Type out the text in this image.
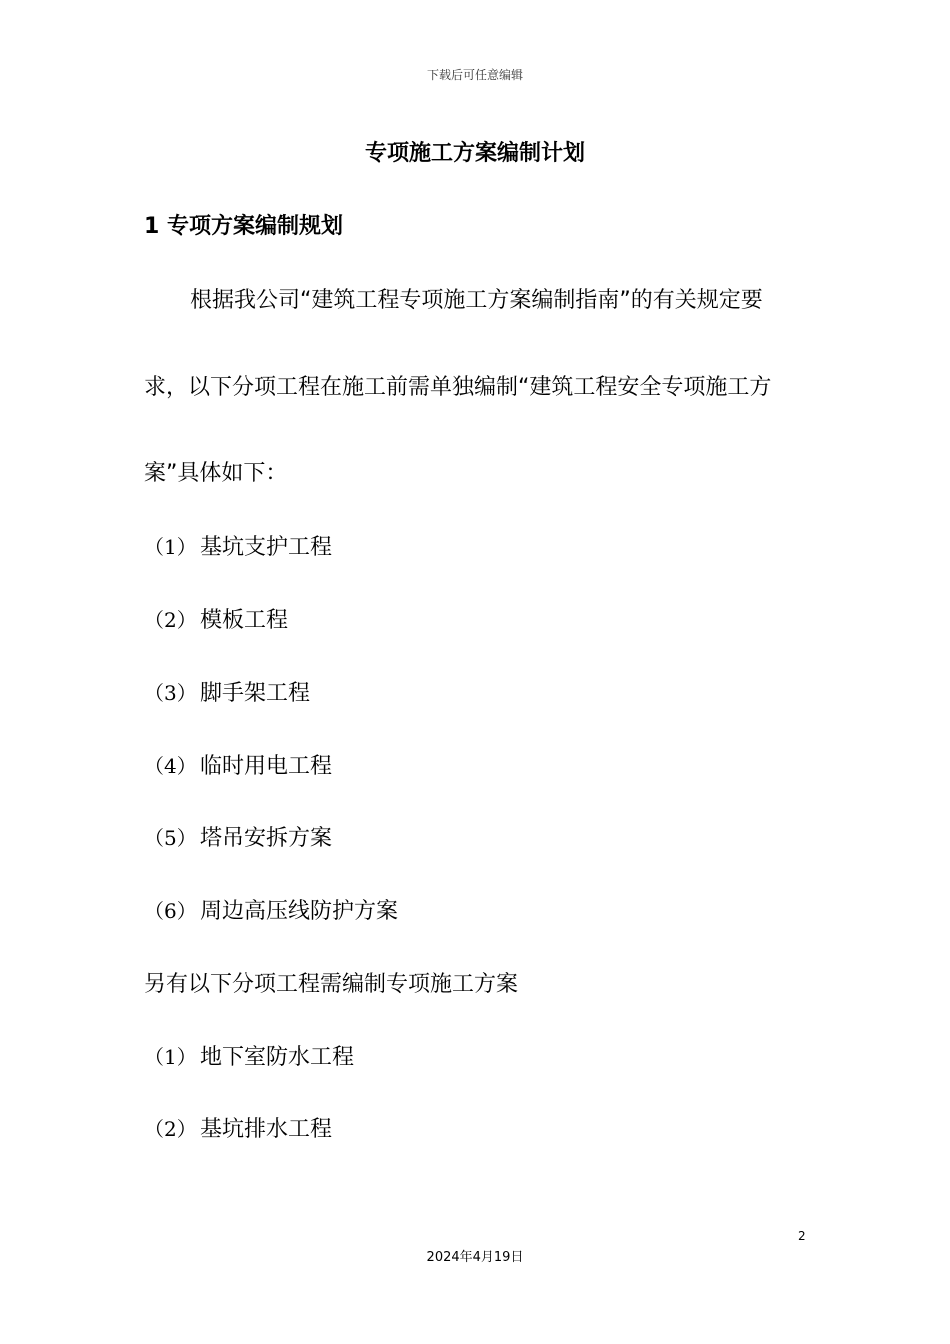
下载后可任意编辑
专项施工方案编制计划
1 专项方案编制规划
根据我公司“建筑工程专项施工方案编制指南”的有关规定要
求，以下分项工程在施工前需单独编制“建筑工程安全专项施工方
案”具体如下：
（1） 基坑支护工程
（2） 模板工程
（3） 脚手架工程
（4） 临时用电工程
（5） 塔吊安拆方案
（6） 周边高压线防护方案
另有以下分项工程需编制专项施工方案
（1） 地下室防水工程
（2） 基坑排水工程
2
2024年4月19日
